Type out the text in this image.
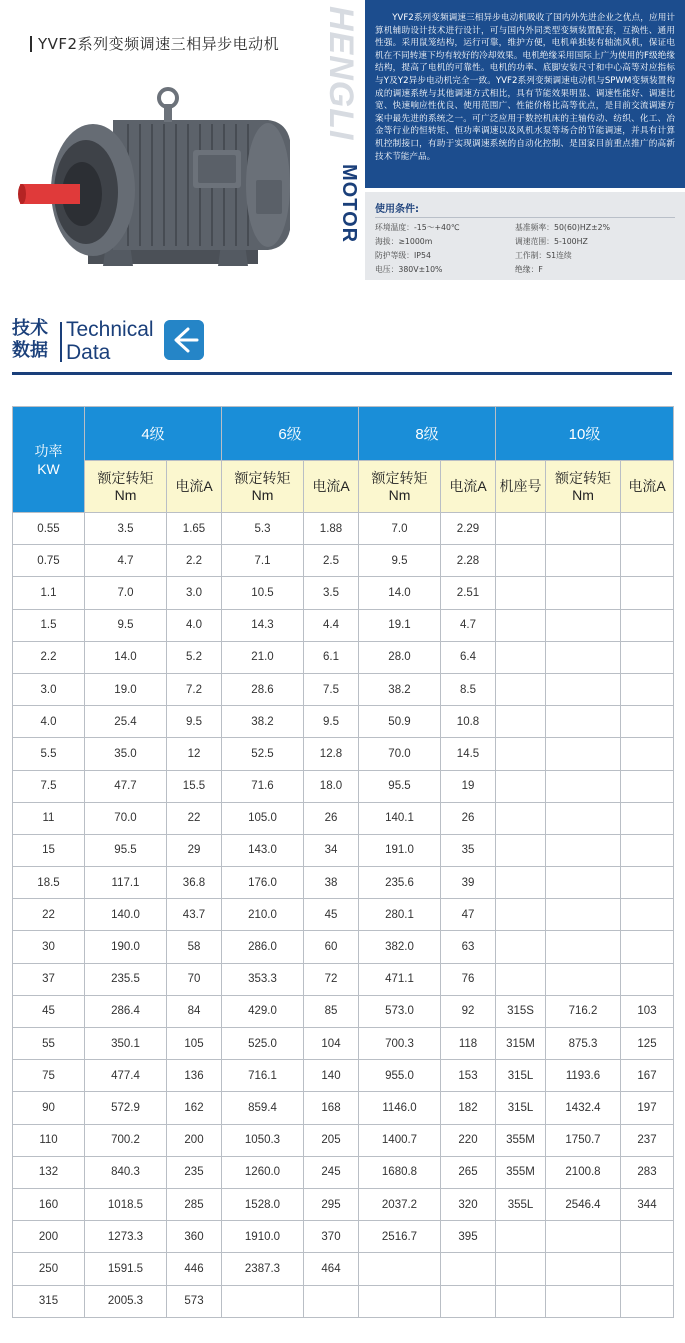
YVF2系列变频调速三相异步电动机 HENGLI
MOTOR
YVF2系列变频调速三相异步电动机吸收了国内外先进企业之优点，应用计算机辅助设计技术进行设计，可与国内外同类型变频装置配套，互换性、通用性强。采用鼠笼结构，运行可靠，维护方便，电机单独装有轴流风机，保证电机在不同转速下均有较好的冷却效果。电机绝缘采用国际上广为使用的F级绝缘结构，提高了电机的可靠性。电机的功率、底脚安装尺寸和中心高等对应指标与Y及Y2异步电动机完全一致。YVF2系列变频调速电动机与SPWM变频装置构成的调速系统与其他调速方式相比，具有节能效果明显、调速性能好、调速比宽、快速响应性优良、使用范围广、性能价格比高等优点，是目前交流调速方案中最先进的系统之一。可广泛应用于数控机床的主轴传动、纺织、化工、冶金等行业的恒转矩、恒功率调速以及风机水泵等场合的节能调速，并具有计算机控制接口，有助于实现调速系统的自动化控制、是国家目前重点推广的高新技术节能产品。
使用条件:
环境温度：-15～+40℃	基准频率：50(60)HZ±2%
海拔：≥1000m	调速范围：5-100HZ
防护等级：IP54	工作制：S1连续
电压：380V±10%	绝缘：F
技术
数据
Technical
Data
功率
KW	4级		6级		8级		10级		
	额定转矩
Nm	电流A	额定转矩
Nm	电流A	额定转矩
Nm	电流A	机座号	额定转矩
Nm	电流A
0.55	3.5	1.65	5.3	1.88	7.0	2.29			
0.75	4.7	2.2	7.1	2.5	9.5	2.28			
1.1	7.0	3.0	10.5	3.5	14.0	2.51			
1.5	9.5	4.0	14.3	4.4	19.1	4.7			
2.2	14.0	5.2	21.0	6.1	28.0	6.4			
3.0	19.0	7.2	28.6	7.5	38.2	8.5			
4.0	25.4	9.5	38.2	9.5	50.9	10.8			
5.5	35.0	12	52.5	12.8	70.0	14.5			
7.5	47.7	15.5	71.6	18.0	95.5	19			
11	70.0	22	105.0	26	140.1	26			
15	95.5	29	143.0	34	191.0	35			
18.5	117.1	36.8	176.0	38	235.6	39			
22	140.0	43.7	210.0	45	280.1	47			
30	190.0	58	286.0	60	382.0	63			
37	235.5	70	353.3	72	471.1	76			
45	286.4	84	429.0	85	573.0	92	315S	716.2	103
55	350.1	105	525.0	104	700.3	118	315M	875.3	125
75	477.4	136	716.1	140	955.0	153	315L	1193.6	167
90	572.9	162	859.4	168	1146.0	182	315L	1432.4	197
110	700.2	200	1050.3	205	1400.7	220	355M	1750.7	237
132	840.3	235	1260.0	245	1680.8	265	355M	2100.8	283
160	1018.5	285	1528.0	295	2037.2	320	355L	2546.4	344
200	1273.3	360	1910.0	370	2516.7	395			
250	1591.5	446	2387.3	464					
315	2005.3	573							
